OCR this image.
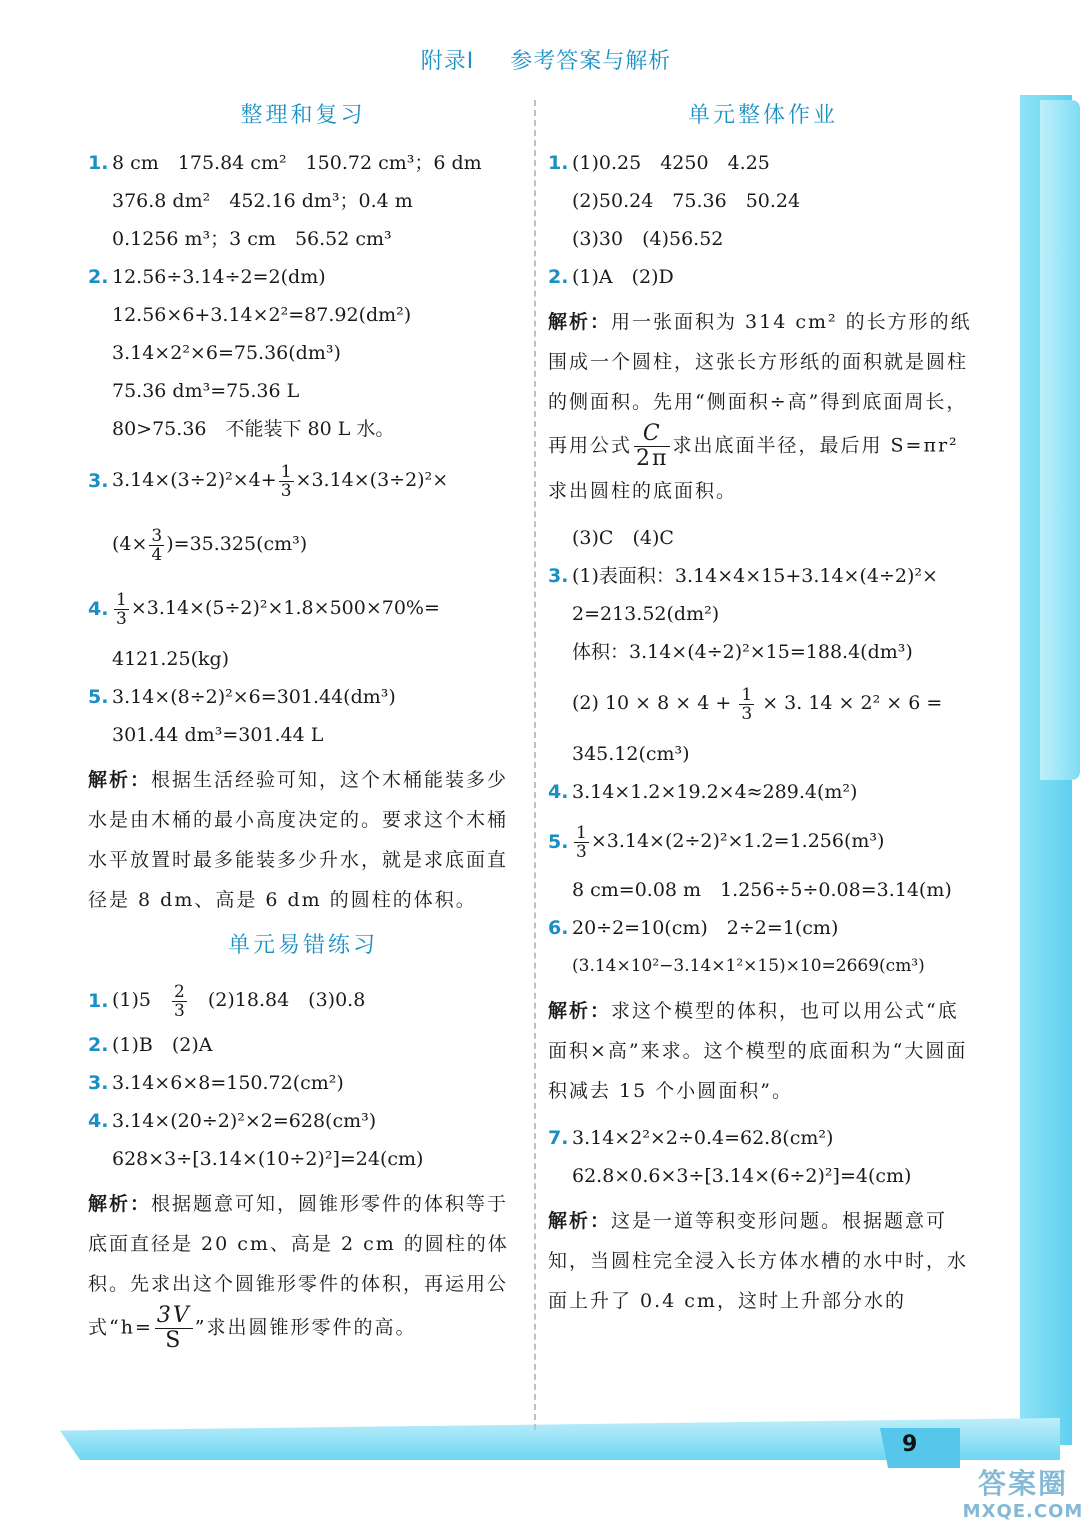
9
答案圈
MXQE.COM
附录Ⅰ 参考答案与解析
整理和复习
1. 8 cm　175.84 cm²　150.72 cm³；6 dm
376.8 dm²　452.16 dm³；0.4 m
0.1256 m³；3 cm　56.52 cm³
2. 12.56÷3.14÷2=2(dm)
12.56×6+3.14×2²=87.92(dm²)
3.14×2²×6=75.36(dm³)
75.36 dm³=75.36 L
80>75.36　不能装下 80 L 水。
3. $3.14\times(3\div 2)^2\times 4+ \frac{1}{3} \times 3.14\times(3\div 2)^2\times$
$(4\times \frac{3}{4} )=35.325(cm^3)$
4. $\frac{1}{3} \times 3.14\times(5\div 2)^2\times 1.8\times 500\times 70\%=$
4121.25(kg)
5. 3.14×(8÷2)²×6=301.44(dm³)
301.44 dm³=301.44 L
解析：根据生活经验可知，这个木桶能装多少水是由木桶的最小高度决定的。要求这个木桶水平放置时最多能装多少升水，就是求底面直径是 8 dm、高是 6 dm 的圆柱的体积。
单元易错练习
1. (1)5　 $\frac{2}{3}$
　 (2)18.84　(3)0.8
2. (1)B　(2)A
3. 3.14×6×8=150.72(cm²)
4. 3.14×(20÷2)²×2=628(cm³)
628×3÷[3.14×(10÷2)²]=24(cm)
解析：根据题意可知，圆锥形零件的体积等于底面直径是 20 cm、高是 2 cm 的圆柱的体积。先求出这个圆锥形零件的体积，再运用公式“$h= \frac{3V}{S}$ ”求出圆锥形零件的高。
单元整体作业
1. (1)0.25　4250　4.25
(2)50.24　75.36　50.24
(3)30　(4)56.52
2. (1)A　(2)D
解析：用一张面积为 314 cm² 的长方形的纸围成一个圆柱，这张长方形纸的面积就是圆柱的侧面积。先用“侧面积÷高”得到底面周长，再用公式 $\frac{C}{2\pi}$ 求出底面半径，最后用 S=πr² 求出圆柱的底面积。
(3)C　(4)C
3. (1)表面积：3.14×4×15+3.14×(4÷2)²×
2=213.52(dm²)
体积：3.14×(4÷2)²×15=188.4(dm³)
(2) $10 \times 8 \times 4 + \frac{1}{3} \times 3$. 14 × 2² × 6 =
345.12(cm³)
4. 3.14×1.2×19.2×4≈289.4(m²)
5. $\frac{1}{3} \times 3.14\times(2\div 2)^2\times 1.2=1.256(m^3)$
8 cm=0.08 m　1.256÷5÷0.08=3.14(m)
6. 20÷2=10(cm)　2÷2=1(cm)
(3.14×10²−3.14×1²×15)×10=2669(cm³)
解析：求这个模型的体积，也可以用公式“底面积×高”来求。这个模型的底面积为“大圆面积减去 15 个小圆面积”。
7. 3.14×2²×2÷0.4=62.8(cm²)
62.8×0.6×3÷[3.14×(6÷2)²]=4(cm)
解析：这是一道等积变形问题。根据题意可知，当圆柱完全浸入长方体水槽的水中时，水面上升了 0.4 cm，这时上升部分水的
